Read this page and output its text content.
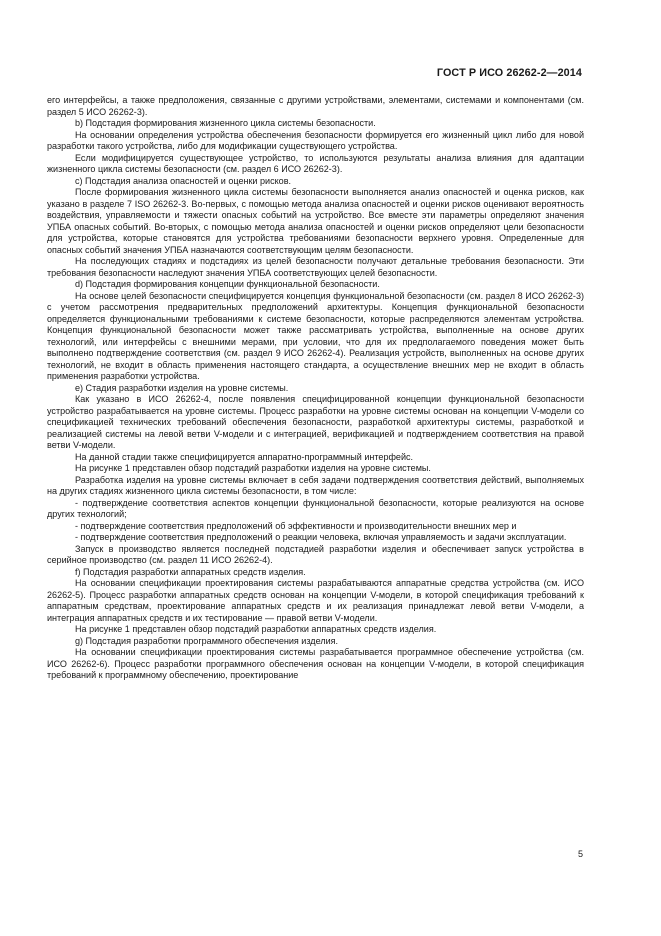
ГОСТ Р ИСО 26262-2—2014

его интерфейсы, а также предположения, связанные с другими устройствами, элементами, системами и компонентами (см. раздел 5 ИСО 26262-3).

b) Подстадия формирования жизненного цикла системы безопасности.

На основании определения устройства обеспечения безопасности формируется его жизненный цикл либо для новой разработки такого устройства, либо для модификации существующего устройства.

Если модифицируется существующее устройство, то используются результаты анализа влияния для адаптации жизненного цикла системы безопасности (см. раздел 6 ИСО 26262-3).

c) Подстадия анализа опасностей и оценки рисков.

После формирования жизненного цикла системы безопасности выполняется анализ опасностей и оценка рисков, как указано в разделе 7 ISO 26262-3. Во-первых, с помощью метода анализа опасностей и оценки рисков оценивают вероятность воздействия, управляемости и тяжести опасных событий на устройство. Все вместе эти параметры определяют значения УПБА опасных событий. Во-вторых, с помощью метода анализа опасностей и оценки рисков определяют цели безопасности для устройства, которые становятся для устройства требованиями безопасности верхнего уровня. Определенные для опасных событий значения УПБА назначаются соответствующим целям безопасности.

На последующих стадиях и подстадиях из целей безопасности получают детальные требования безопасности. Эти требования безопасности наследуют значения УПБА соответствующих целей безопасности.

d) Подстадия формирования концепции функциональной безопасности.

На основе целей безопасности специфицируется концепция функциональной безопасности (см. раздел 8 ИСО 26262-3) с учетом рассмотрения предварительных предположений архитектуры. Концепция функциональной безопасности определяется функциональными требованиями к системе безопасности, которые распределяются элементам устройства. Концепция функциональной безопасности может также рассматривать устройства, выполненные на основе других технологий, или интерфейсы с внешними мерами, при условии, что для их предполагаемого поведения может быть выполнено подтверждение соответствия (см. раздел 9 ИСО 26262-4). Реализация устройств, выполненных на основе других технологий, не входит в область применения настоящего стандарта, а осуществление внешних мер не входит в область применения разработки устройства.

e) Стадия разработки изделия на уровне системы.

Как указано в ИСО 26262-4, после появления специфицированной концепции функциональной безопасности устройство разрабатывается на уровне системы. Процесс разработки на уровне системы основан на концепции V-модели со спецификацией технических требований обеспечения безопасности, разработкой архитектуры системы, разработкой и реализацией системы на левой ветви V-модели и с интеграцией, верификацией и подтверждением соответствия на правой ветви V-модели.

На данной стадии также специфицируется аппаратно-программный интерфейс.

На рисунке 1 представлен обзор подстадий разработки изделия на уровне системы.

Разработка изделия на уровне системы включает в себя задачи подтверждения соответствия действий, выполняемых на других стадиях жизненного цикла системы безопасности, в том числе:

- подтверждение соответствия аспектов концепции функциональной безопасности, которые реализуются на основе других технологий;

- подтверждение соответствия предположений об эффективности и производительности внешних мер и

- подтверждение соответствия предположений о реакции человека, включая управляемость и задачи эксплуатации.

Запуск в производство является последней подстадией разработки изделия и обеспечивает запуск устройства в серийное производство (см. раздел 11 ИСО 26262-4).

f) Подстадия разработки аппаратных средств изделия.

На основании спецификации проектирования системы разрабатываются аппаратные средства устройства (см. ИСО 26262-5). Процесс разработки аппаратных средств основан на концепции V-модели, в которой спецификация требований к аппаратным средствам, проектирование аппаратных средств и их реализация принадлежат левой ветви V-модели, а интеграция аппаратных средств и их тестирование — правой ветви V-модели.

На рисунке 1 представлен обзор подстадий разработки аппаратных средств изделия.

g) Подстадия разработки программного обеспечения изделия.

На основании спецификации проектирования системы разрабатывается программное обеспечение устройства (см. ИСО 26262-6). Процесс разработки программного обеспечения основан на концепции V-модели, в которой спецификация требований к программному обеспечению, проектирование

5
